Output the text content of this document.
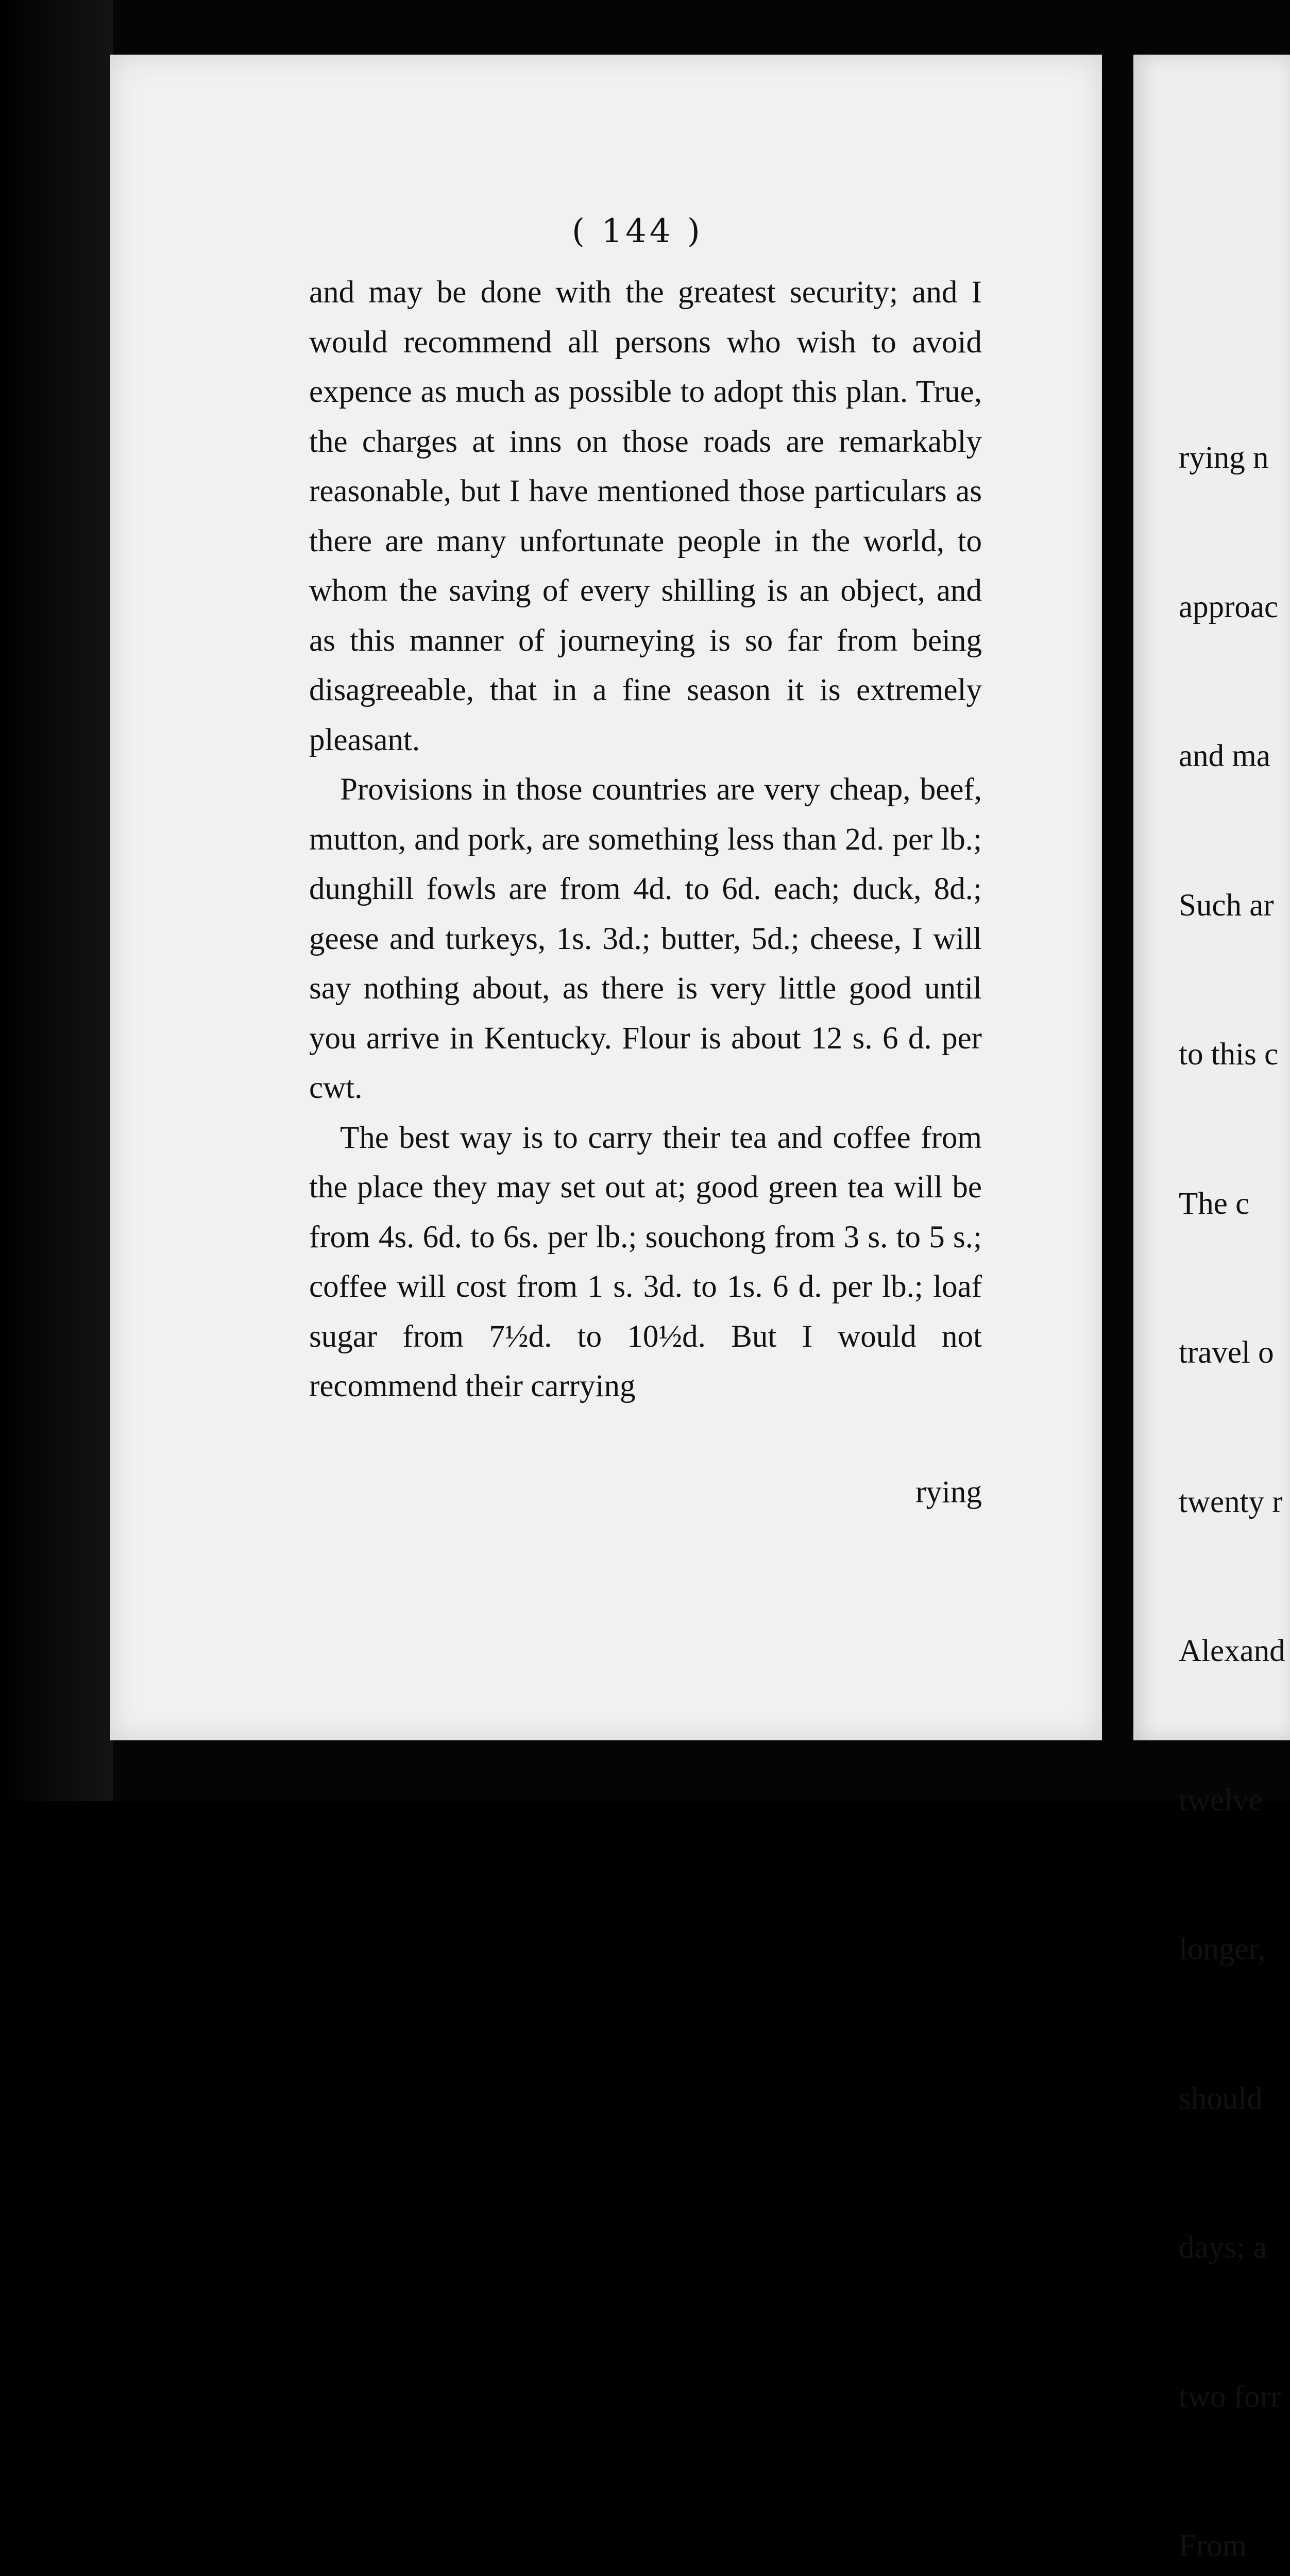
( 144 )

and may be done with the greatest security; and I would recommend all persons who wish to avoid expence as much as possible to adopt this plan. True, the charges at inns on those roads are remarkably reasonable, but I have mentioned those particulars as there are many unfortunate people in the world, to whom the saving of every shilling is an object, and as this manner of journeying is so far from being disagreeable, that in a fine season it is extremely pleasant.

Provisions in those countries are very cheap, beef, mutton, and pork, are something less than 2d. per lb.; dunghill fowls are from 4d. to 6d. each; duck, 8d.; geese and turkeys, 1s. 3d.; butter, 5d.; cheese, I will say nothing about, as there is very little good until you arrive in Kentucky. Flour is about 12 s. 6 d. per cwt.

The best way is to carry their tea and coffee from the place they may set out at; good green tea will be from 4s. 6d. to 6s. per lb.; souchong from 3 s. to 5 s.; coffee will cost from 1 s. 3d. to 1s. 6 d. per lb.; loaf sugar from 7½d. to 10½d. But I would not recommend their carrying

rying

rying n

approac

and ma

Such ar

to this c

The c

travel o

twenty r

Alexand

twelve

longer,

should

days; a

two forr

From
